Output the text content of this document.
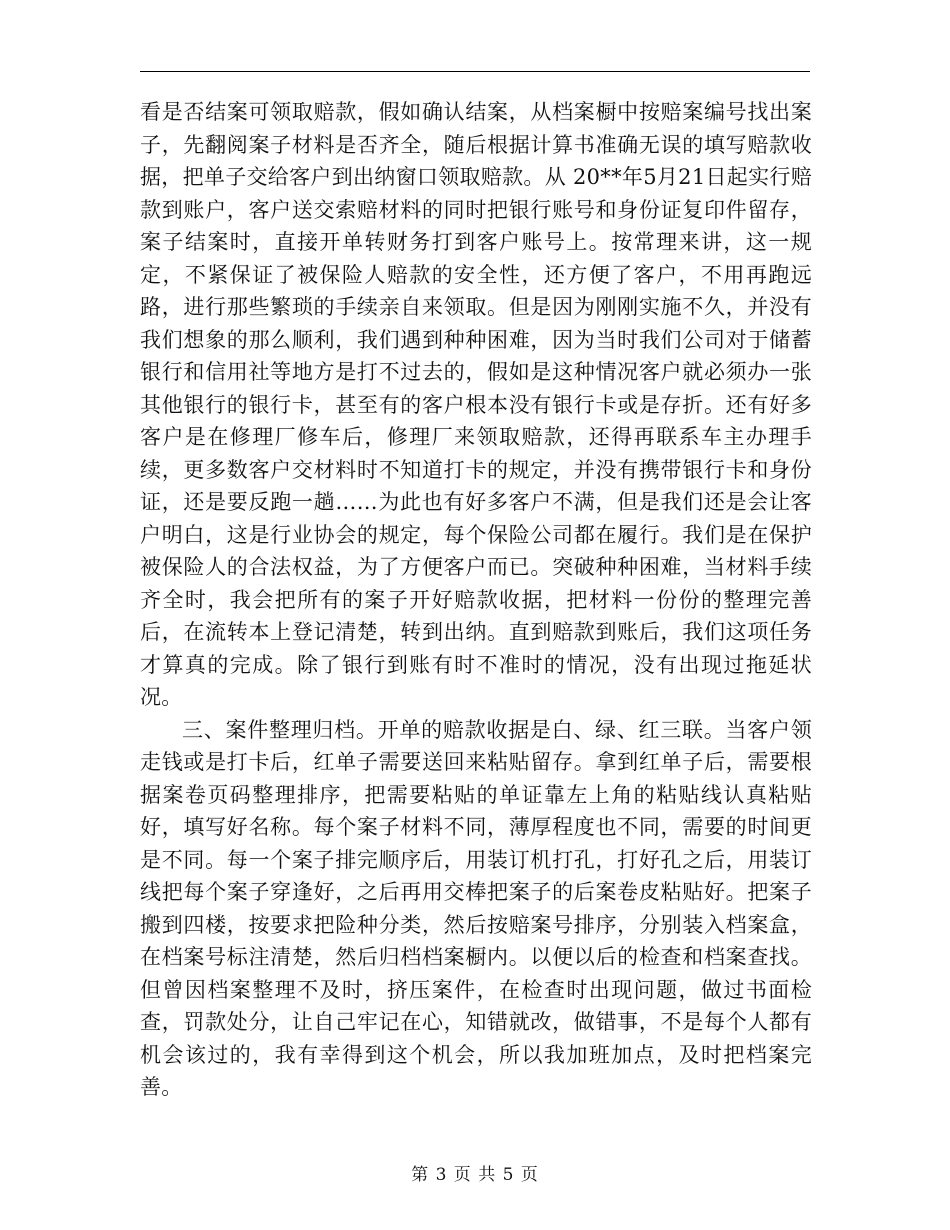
看是否结案可领取赔款，假如确认结案，从档案橱中按赔案编号找出案子，先翻阅案子材料是否齐全，随后根据计算书准确无误的填写赔款收据，把单子交给客户到出纳窗口领取赔款。从 20**年5月21日起实行赔款到账户，客户送交索赔材料的同时把银行账号和身份证复印件留存，案子结案时，直接开单转财务打到客户账号上。按常理来讲，这一规定，不紧保证了被保险人赔款的安全性，还方便了客户，不用再跑远路，进行那些繁琐的手续亲自来领取。但是因为刚刚实施不久，并没有我们想象的那么顺利，我们遇到种种困难，因为当时我们公司对于储蓄银行和信用社等地方是打不过去的，假如是这种情况客户就必须办一张其他银行的银行卡，甚至有的客户根本没有银行卡或是存折。还有好多客户是在修理厂修车后，修理厂来领取赔款，还得再联系车主办理手续，更多数客户交材料时不知道打卡的规定，并没有携带银行卡和身份证，还是要反跑一趟……为此也有好多客户不满，但是我们还是会让客户明白，这是行业协会的规定，每个保险公司都在履行。我们是在保护被保险人的合法权益，为了方便客户而已。突破种种困难，当材料手续齐全时，我会把所有的案子开好赔款收据，把材料一份份的整理完善后，在流转本上登记清楚，转到出纳。直到赔款到账后，我们这项任务才算真的完成。除了银行到账有时不准时的情况，没有出现过拖延状况。

三、案件整理归档。开单的赔款收据是白、绿、红三联。当客户领走钱或是打卡后，红单子需要送回来粘贴留存。拿到红单子后，需要根据案卷页码整理排序，把需要粘贴的单证靠左上角的粘贴线认真粘贴好，填写好名称。每个案子材料不同，薄厚程度也不同，需要的时间更是不同。每一个案子排完顺序后，用装订机打孔，打好孔之后，用装订线把每个案子穿逢好，之后再用交棒把案子的后案卷皮粘贴好。把案子搬到四楼，按要求把险种分类，然后按赔案号排序，分别装入档案盒，在档案号标注清楚，然后归档档案橱内。以便以后的检查和档案查找。但曾因档案整理不及时，挤压案件，在检查时出现问题，做过书面检查，罚款处分，让自己牢记在心，知错就改，做错事，不是每个人都有机会该过的，我有幸得到这个机会，所以我加班加点，及时把档案完善。

第 3 页 共 5 页
